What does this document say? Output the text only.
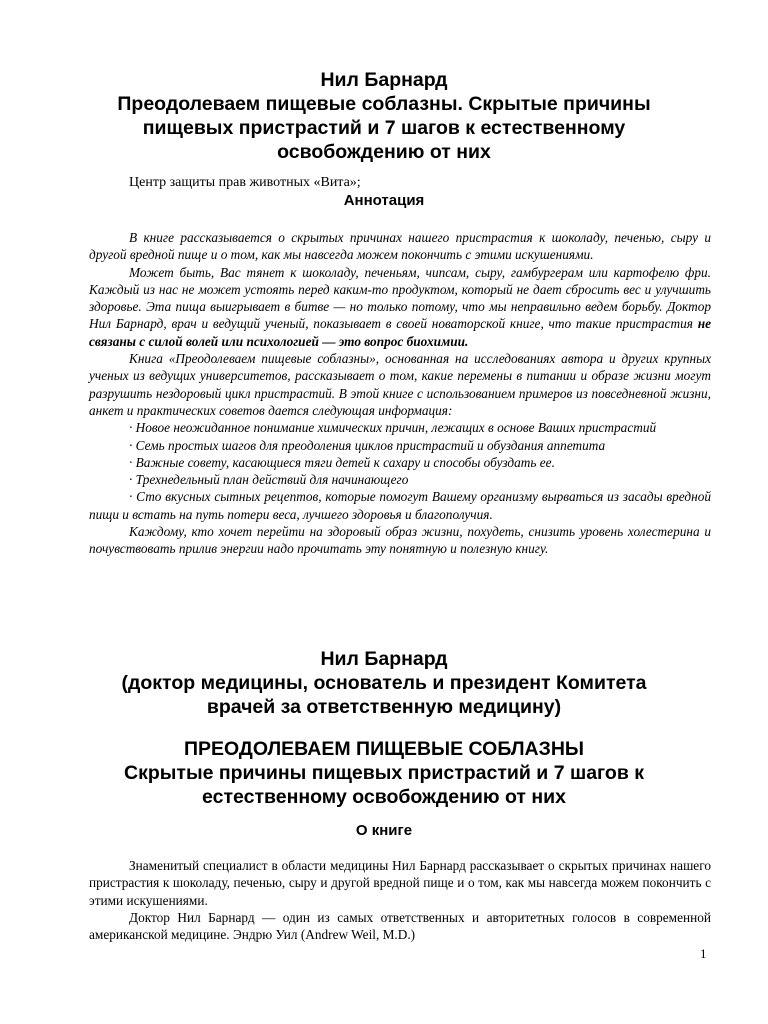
Нил Барнард
Преодолеваем пищевые соблазны. Скрытые причины пищевых пристрастий и 7 шагов к естественному освобождению от них
Центр защиты прав животных «Вита»;
Аннотация

В книге рассказывается о скрытых причинах нашего пристрастия к шоколаду, печенью, сыру и другой вредной пище и о том, как мы навсегда можем покончить с этими искушениями.

Может быть, Вас тянет к шоколаду, печеньям, чипсам, сыру, гамбургерам или картофелю фри. Каждый из нас не может устоять перед каким-то продуктом, который не дает сбросить вес и улучшить здоровье. Эта пища выигрывает в битве — но только потому, что мы неправильно ведем борьбу. Доктор Нил Барнард, врач и ведущий ученый, показывает в своей новаторской книге, что такие пристрастия не связаны с силой волей или психологией — это вопрос биохимии.

Книга «Преодолеваем пищевые соблазны», основанная на исследованиях автора и других крупных ученых из ведущих университетов, рассказывает о том, какие перемены в питании и образе жизни могут разрушить нездоровый цикл пристрастий. В этой книге с использованием примеров из повседневной жизни, анкет и практических советов дается следующая информация:

· Новое неожиданное понимание химических причин, лежащих в основе Ваших пристрастий

· Семь простых шагов для преодоления циклов пристрастий и обуздания аппетита

· Важные совету, касающиеся тяги детей к сахару и способы обуздать ее.

· Трехнедельный план действий для начинающего

· Сто вкусных сытных рецептов, которые помогут Вашему организму вырваться из засады вредной пищи и встать на путь потери веса, лучшего здоровья и благополучия.

Каждому, кто хочет перейти на здоровый образ жизни, похудеть, снизить уровень холестерина и почувствовать прилив энергии надо прочитать эту понятную и полезную книгу.

Нил Барнард
(доктор медицины, основатель и президент Комитета врачей за ответственную медицину)
ПРЕОДОЛЕВАЕМ ПИЩЕВЫЕ СОБЛАЗНЫ
Скрытые причины пищевых пристрастий и 7 шагов к естественному освобождению от них
О книге

Знаменитый специалист в области медицины Нил Барнард рассказывает о скрытых причинах нашего пристрастия к шоколаду, печенью, сыру и другой вредной пище и о том, как мы навсегда можем покончить с этими искушениями.

Доктор Нил Барнард — один из самых ответственных и авторитетных голосов в современной американской медицине. Эндрю Уил (Andrew Weil, M.D.)

1
